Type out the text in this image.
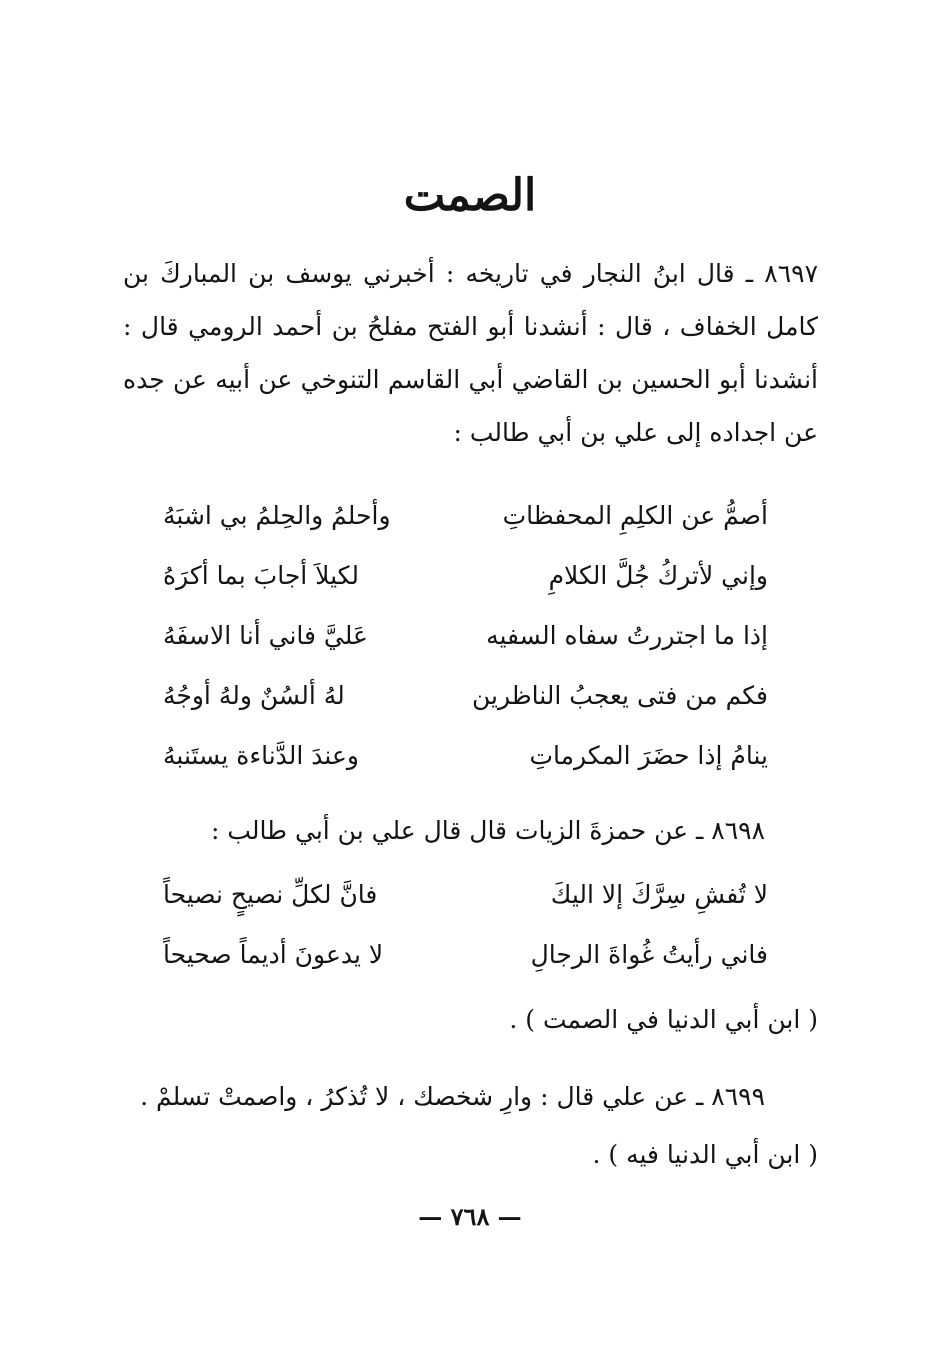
الصمت

٨٦٩٧ ـ قال ابنُ النجار في تاريخه : أخبرني يوسف بن المباركَ بن كامل الخفاف ، قال : أنشدنا أبو الفتح مفلحُ بن أحمد الرومي قال : أنشدنا أبو الحسين بن القاضي أبي القاسم التنوخي عن أبيه عن جده عن اجداده إلى علي بن أبي طالب :

أصمُّ عن الكلِمِ المحفظاتِ
وأحلمُ والحِلمُ بي اشبَهُ
وإني لأتركُ جُلَّ الكلامِ
لكيلاَ أجابَ بما أكرَهُ
إذا ما اجتررتُ سفاه السفيه
عَليَّ فاني أنا الاسفَهُ
فكم من فتى يعجبُ الناظرين
لهُ ألسُنٌ ولهُ أوجُهُ
ينامُ إذا حضَرَ المكرماتِ
وعندَ الدَّناءة يستَنبهُ
٨٦٩٨ ـ عن حمزةَ الزيات قال قال علي بن أبي طالب :
لا تُفشِ سِرَّكَ إلا اليكَ
فانَّ لكلِّ نصيحٍ نصيحاً
فاني رأيتُ غُواةَ الرجالِ
لا يدعونَ أديماً صحيحاً
( ابن أبي الدنيا في الصمت ) .
٨٦٩٩ ـ عن علي قال : وارِ شخصك ، لا تُذكرُ ، واصمتْ تسلمْ .
( ابن أبي الدنيا فيه ) .
— ٧٦٨ —
